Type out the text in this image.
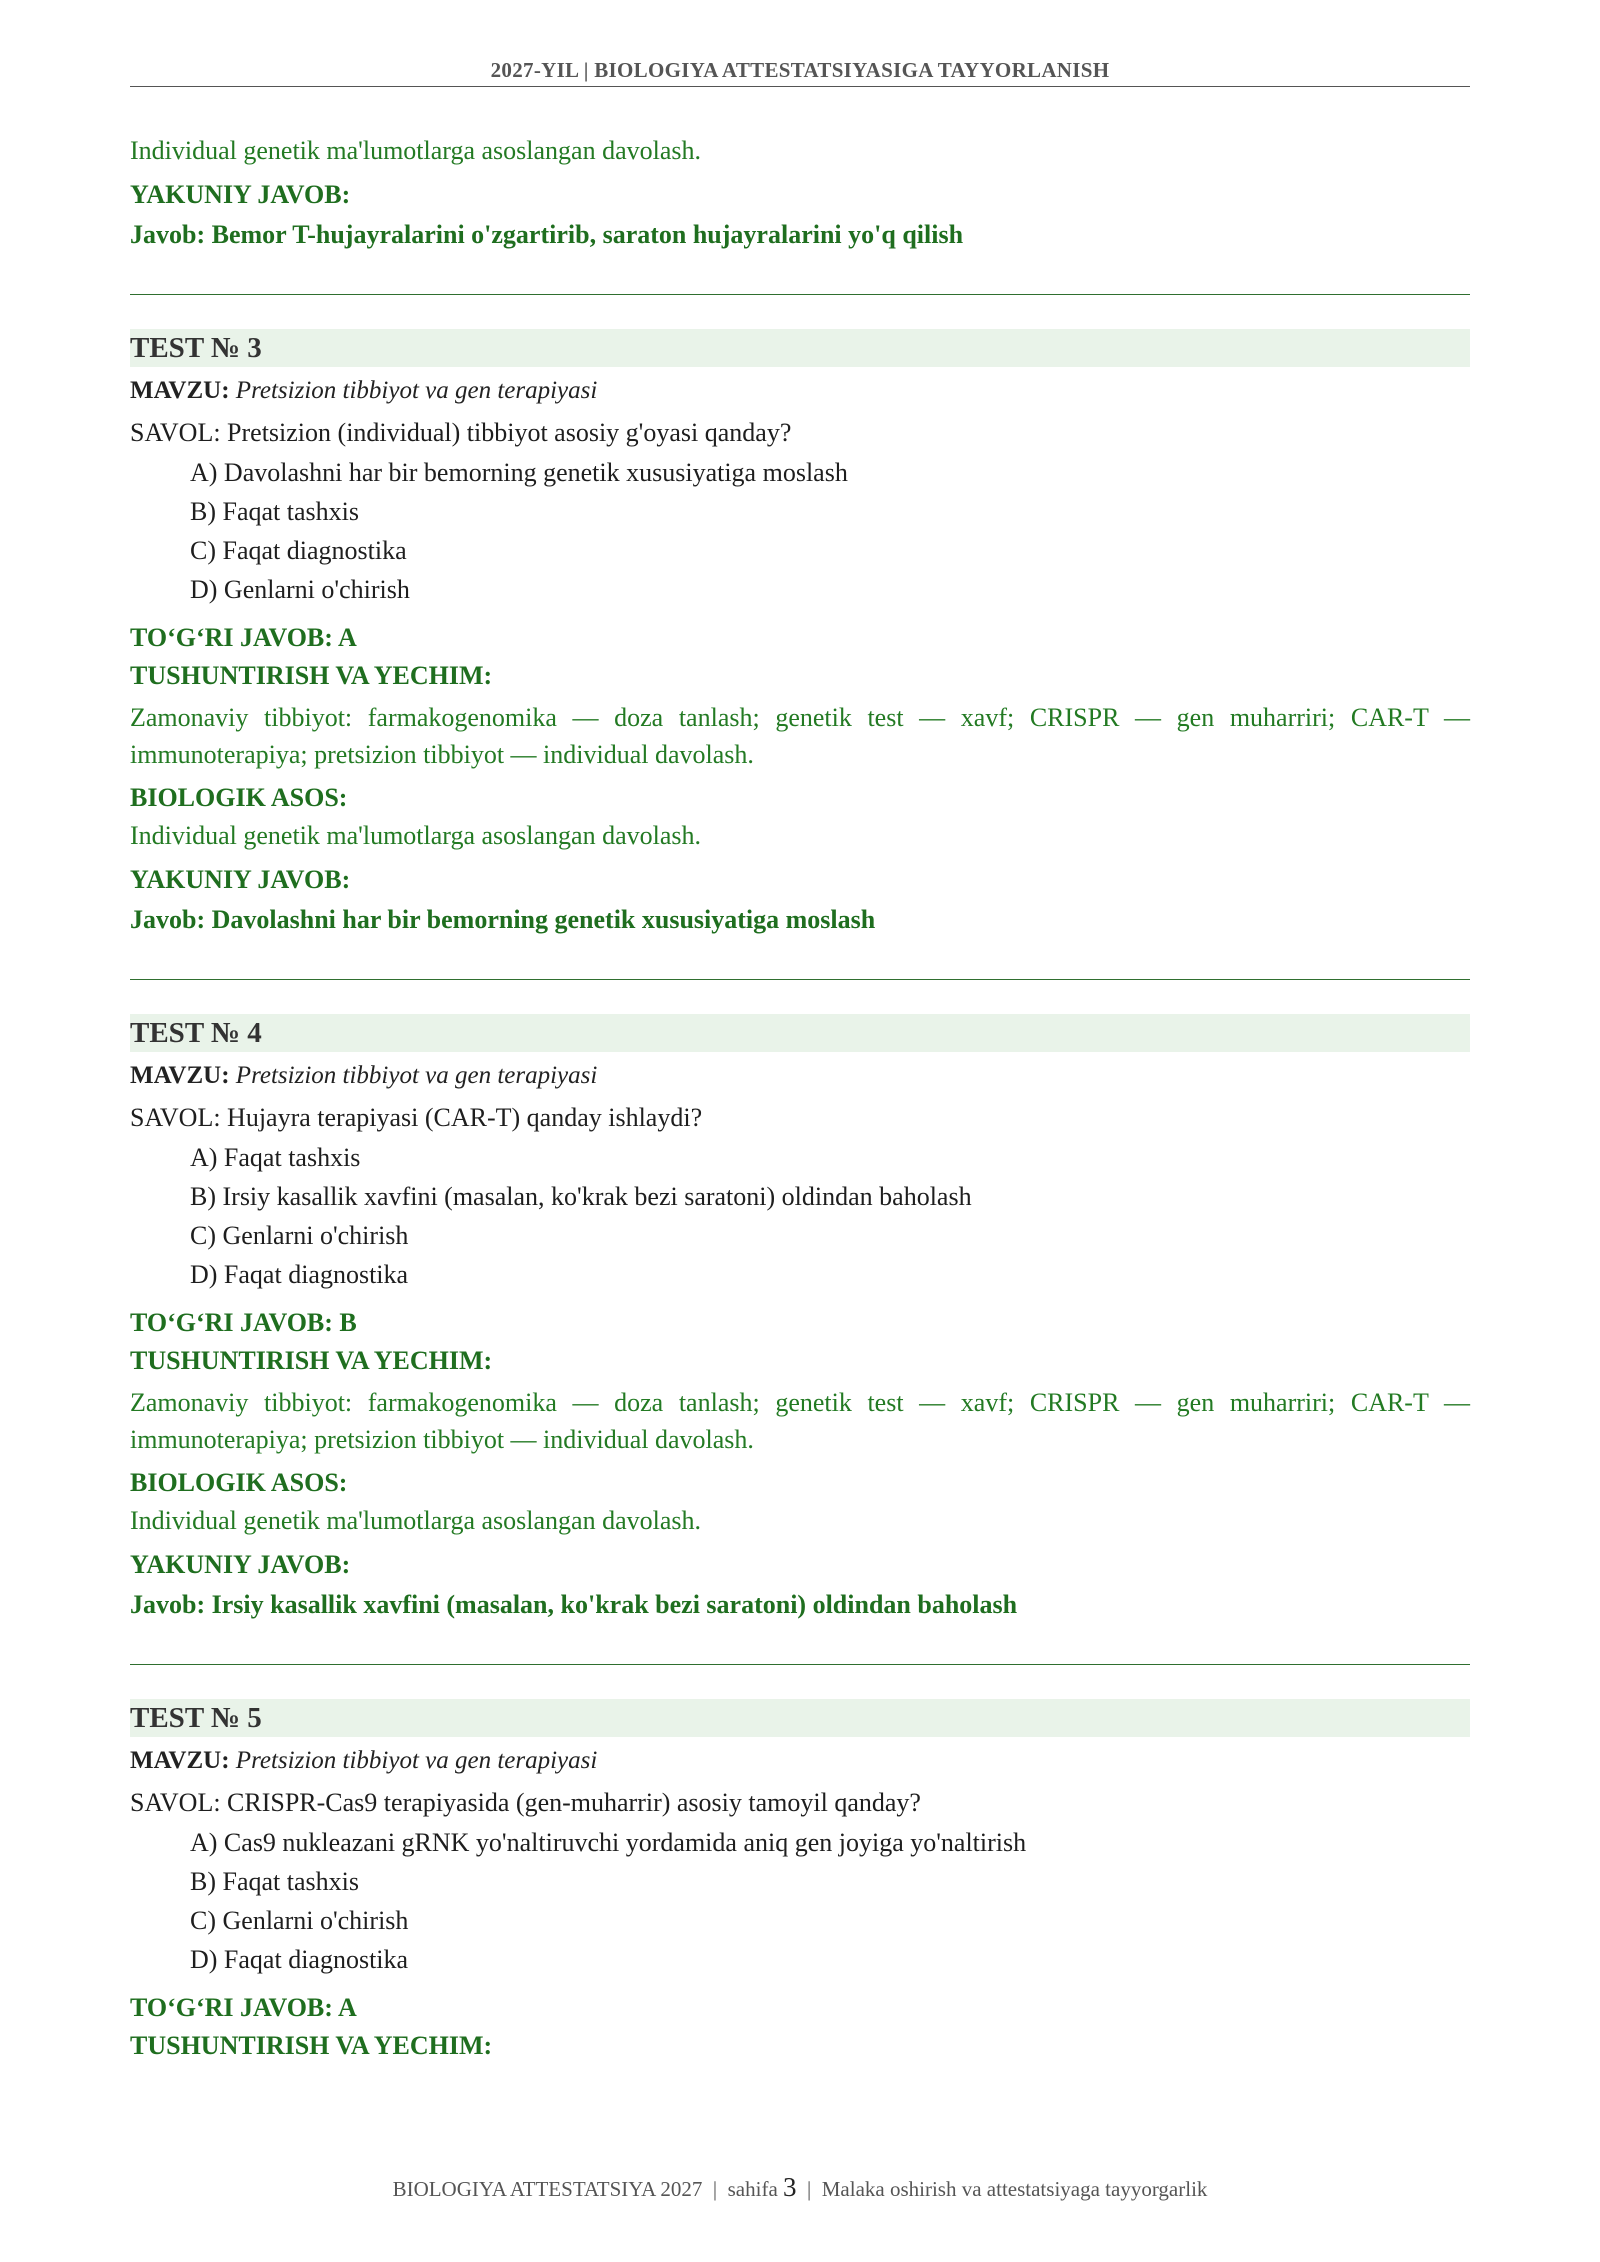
2027-YIL | BIOLOGIYA ATTESTATSIYASIGA TAYYORLANISH
Individual genetik ma'lumotlarga asoslangan davolash.
YAKUNIY JAVOB:
Javob: Bemor T-hujayralarini o'zgartirib, saraton hujayralarini yo'q qilish
TEST № 3
MAVZU: Pretsizion tibbiyot va gen terapiyasi
SAVOL: Pretsizion (individual) tibbiyot asosiy g'oyasi qanday?
A) Davolashni har bir bemorning genetik xususiyatiga moslash
B) Faqat tashxis
C) Faqat diagnostika
D) Genlarni o'chirish
TO‘G‘RI JAVOB: A
TUSHUNTIRISH VA YECHIM:
Zamonaviy tibbiyot: farmakogenomika — doza tanlash; genetik test — xavf; CRISPR — gen muharriri; CAR-T — immunoterapiya; pretsizion tibbiyot — individual davolash.
BIOLOGIK ASOS:
Individual genetik ma'lumotlarga asoslangan davolash.
YAKUNIY JAVOB:
Javob: Davolashni har bir bemorning genetik xususiyatiga moslash
TEST № 4
MAVZU: Pretsizion tibbiyot va gen terapiyasi
SAVOL: Hujayra terapiyasi (CAR-T) qanday ishlaydi?
A) Faqat tashxis
B) Irsiy kasallik xavfini (masalan, ko'krak bezi saratoni) oldindan baholash
C) Genlarni o'chirish
D) Faqat diagnostika
TO‘G‘RI JAVOB: B
TUSHUNTIRISH VA YECHIM:
Zamonaviy tibbiyot: farmakogenomika — doza tanlash; genetik test — xavf; CRISPR — gen muharriri; CAR-T — immunoterapiya; pretsizion tibbiyot — individual davolash.
BIOLOGIK ASOS:
Individual genetik ma'lumotlarga asoslangan davolash.
YAKUNIY JAVOB:
Javob: Irsiy kasallik xavfini (masalan, ko'krak bezi saratoni) oldindan baholash
TEST № 5
MAVZU: Pretsizion tibbiyot va gen terapiyasi
SAVOL: CRISPR-Cas9 terapiyasida (gen-muharrir) asosiy tamoyil qanday?
A) Cas9 nukleazani gRNK yo'naltiruvchi yordamida aniq gen joyiga yo'naltirish
B) Faqat tashxis
C) Genlarni o'chirish
D) Faqat diagnostika
TO‘G‘RI JAVOB: A
TUSHUNTIRISH VA YECHIM:
BIOLOGIYA ATTESTATSIYA 2027 | sahifa 3 | Malaka oshirish va attestatsiyaga tayyorgarlik
